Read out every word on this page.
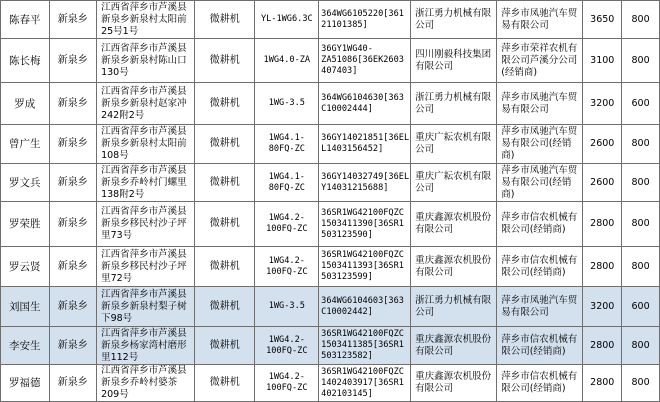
陈春平	新泉乡	江西省萍乡市芦溪县新泉乡新泉村太阳前25号1号	微耕机	YL-1WG6.3C	364WG6105220[361 21101385]	浙江勇力机械有限公司	萍乡市凤驰汽车贸易有限公司	3650	800
陈长梅	新泉乡	江西省萍乡市芦溪县新泉乡新泉村陈山口130号	微耕机	1WG4.0-ZA	36GY1WG40-ZA51086[36EK2603 407403]	四川刚毅科技集团有限公司	萍乡市荣祥农机有限公司芦溪分公司(经销商)	3100	800
罗成	新泉乡	江西省萍乡市芦溪县新泉乡新泉村赵家冲242附2号	微耕机	1WG-3.5	364WG6104630[363 C10002444]	浙江勇力机械有限公司	萍乡市凤驰汽车贸易有限公司	3200	600
曾广生	新泉乡	江西省萍乡市芦溪县新泉乡新泉村太阳前108号	微耕机	1WG4.1-80FQ-ZC	36GY14021851[36EL L1403156452]	重庆广耘农机有限公司	萍乡市凤驰汽车贸易有限公司(经销商)	2600	800
罗文兵	新泉乡	江西省萍乡市芦溪县新泉乡乔岭村门螺里138附2号	微耕机	1WG4.1-80FQ-ZC	36GY14032749[36EL Y14031215688]	重庆广耘农机有限公司	萍乡市凤驰汽车贸易有限公司(经销商)	2600	800
罗荣胜	新泉乡	江西省萍乡市芦溪县新泉乡移民村沙子坪里73号	微耕机	1WG4.2-100FQ-ZC	36SR1WG42100FQZC 1503411390[36SR1 503123590]	重庆鑫源农机股份有限公司	萍乡市信农机械有限公司(经销商)	2800	800
罗云贤	新泉乡	江西省萍乡市芦溪县新泉乡移民村沙子坪里72号	微耕机	1WG4.2-100FQ-ZC	36SR1WG42100FQZC 1503411393[36SR1 503123599]	重庆鑫源农机股份有限公司	萍乡市信农机械有限公司(经销商)	2800	800
刘国生	新泉乡	江西省萍乡市芦溪县新泉乡新泉村梨子树下98号	微耕机	1WG-3.5	364WG6104603[363 C10002442]	浙江勇力机械有限公司	萍乡市凤驰汽车贸易有限公司	3200	600
李安生	新泉乡	江西省萍乡市芦溪县新泉乡杨家湾村磨形里112号	微耕机	1WG4.2-100FQ-ZC	36SR1WG42100FQZC 1503411385[36SR1 503123582]	重庆鑫源农机股份有限公司	萍乡市信农机械有限公司(经销商)	2800	800
罗福德	新泉乡	江西省萍乡市芦溪县新泉乡乔岭村婆茶209号	微耕机	1WG4.2-100FQ-ZC	36SR1WG42100FQZC 1402403917[36SR1 402103145]	重庆鑫源农机股份有限公司	萍乡市信农机械有限公司(经销商)	2800	800
